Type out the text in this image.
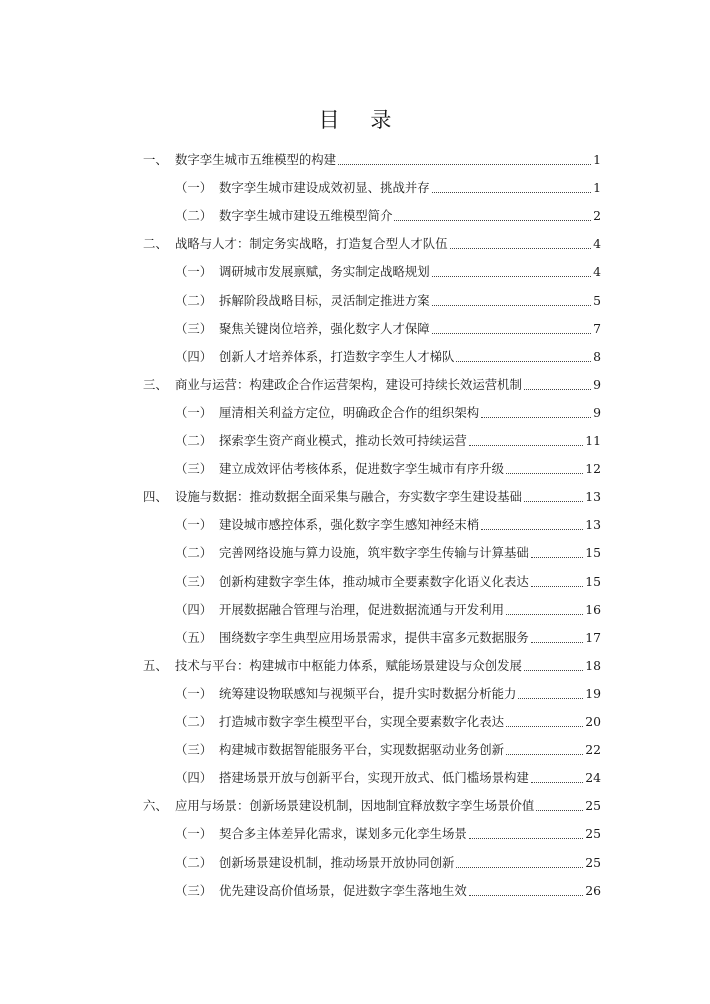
目 录
一、 数字孪生城市五维模型的构建	1
（一） 数字孪生城市建设成效初显、挑战并存	1
（二） 数字孪生城市建设五维模型简介	2
二、 战略与人才：制定务实战略，打造复合型人才队伍	4
（一） 调研城市发展禀赋，务实制定战略规划	4
（二） 拆解阶段战略目标，灵活制定推进方案	5
（三） 聚焦关键岗位培养，强化数字人才保障	7
（四） 创新人才培养体系，打造数字孪生人才梯队	8
三、 商业与运营：构建政企合作运营架构，建设可持续长效运营机制	9
（一） 厘清相关利益方定位，明确政企合作的组织架构	9
（二） 探索孪生资产商业模式，推动长效可持续运营	11
（三） 建立成效评估考核体系，促进数字孪生城市有序升级	12
四、 设施与数据：推动数据全面采集与融合，夯实数字孪生建设基础	13
（一） 建设城市感控体系，强化数字孪生感知神经末梢	13
（二） 完善网络设施与算力设施，筑牢数字孪生传输与计算基础	15
（三） 创新构建数字孪生体，推动城市全要素数字化语义化表达	15
（四） 开展数据融合管理与治理，促进数据流通与开发利用	16
（五） 围绕数字孪生典型应用场景需求，提供丰富多元数据服务	17
五、 技术与平台：构建城市中枢能力体系，赋能场景建设与众创发展	18
（一） 统筹建设物联感知与视频平台，提升实时数据分析能力	19
（二） 打造城市数字孪生模型平台，实现全要素数字化表达	20
（三） 构建城市数据智能服务平台，实现数据驱动业务创新	22
（四） 搭建场景开放与创新平台，实现开放式、低门槛场景构建	24
六、 应用与场景：创新场景建设机制，因地制宜释放数字孪生场景价值	25
（一） 契合多主体差异化需求，谋划多元化孪生场景	25
（二） 创新场景建设机制，推动场景开放协同创新	25
（三） 优先建设高价值场景，促进数字孪生落地生效	26
